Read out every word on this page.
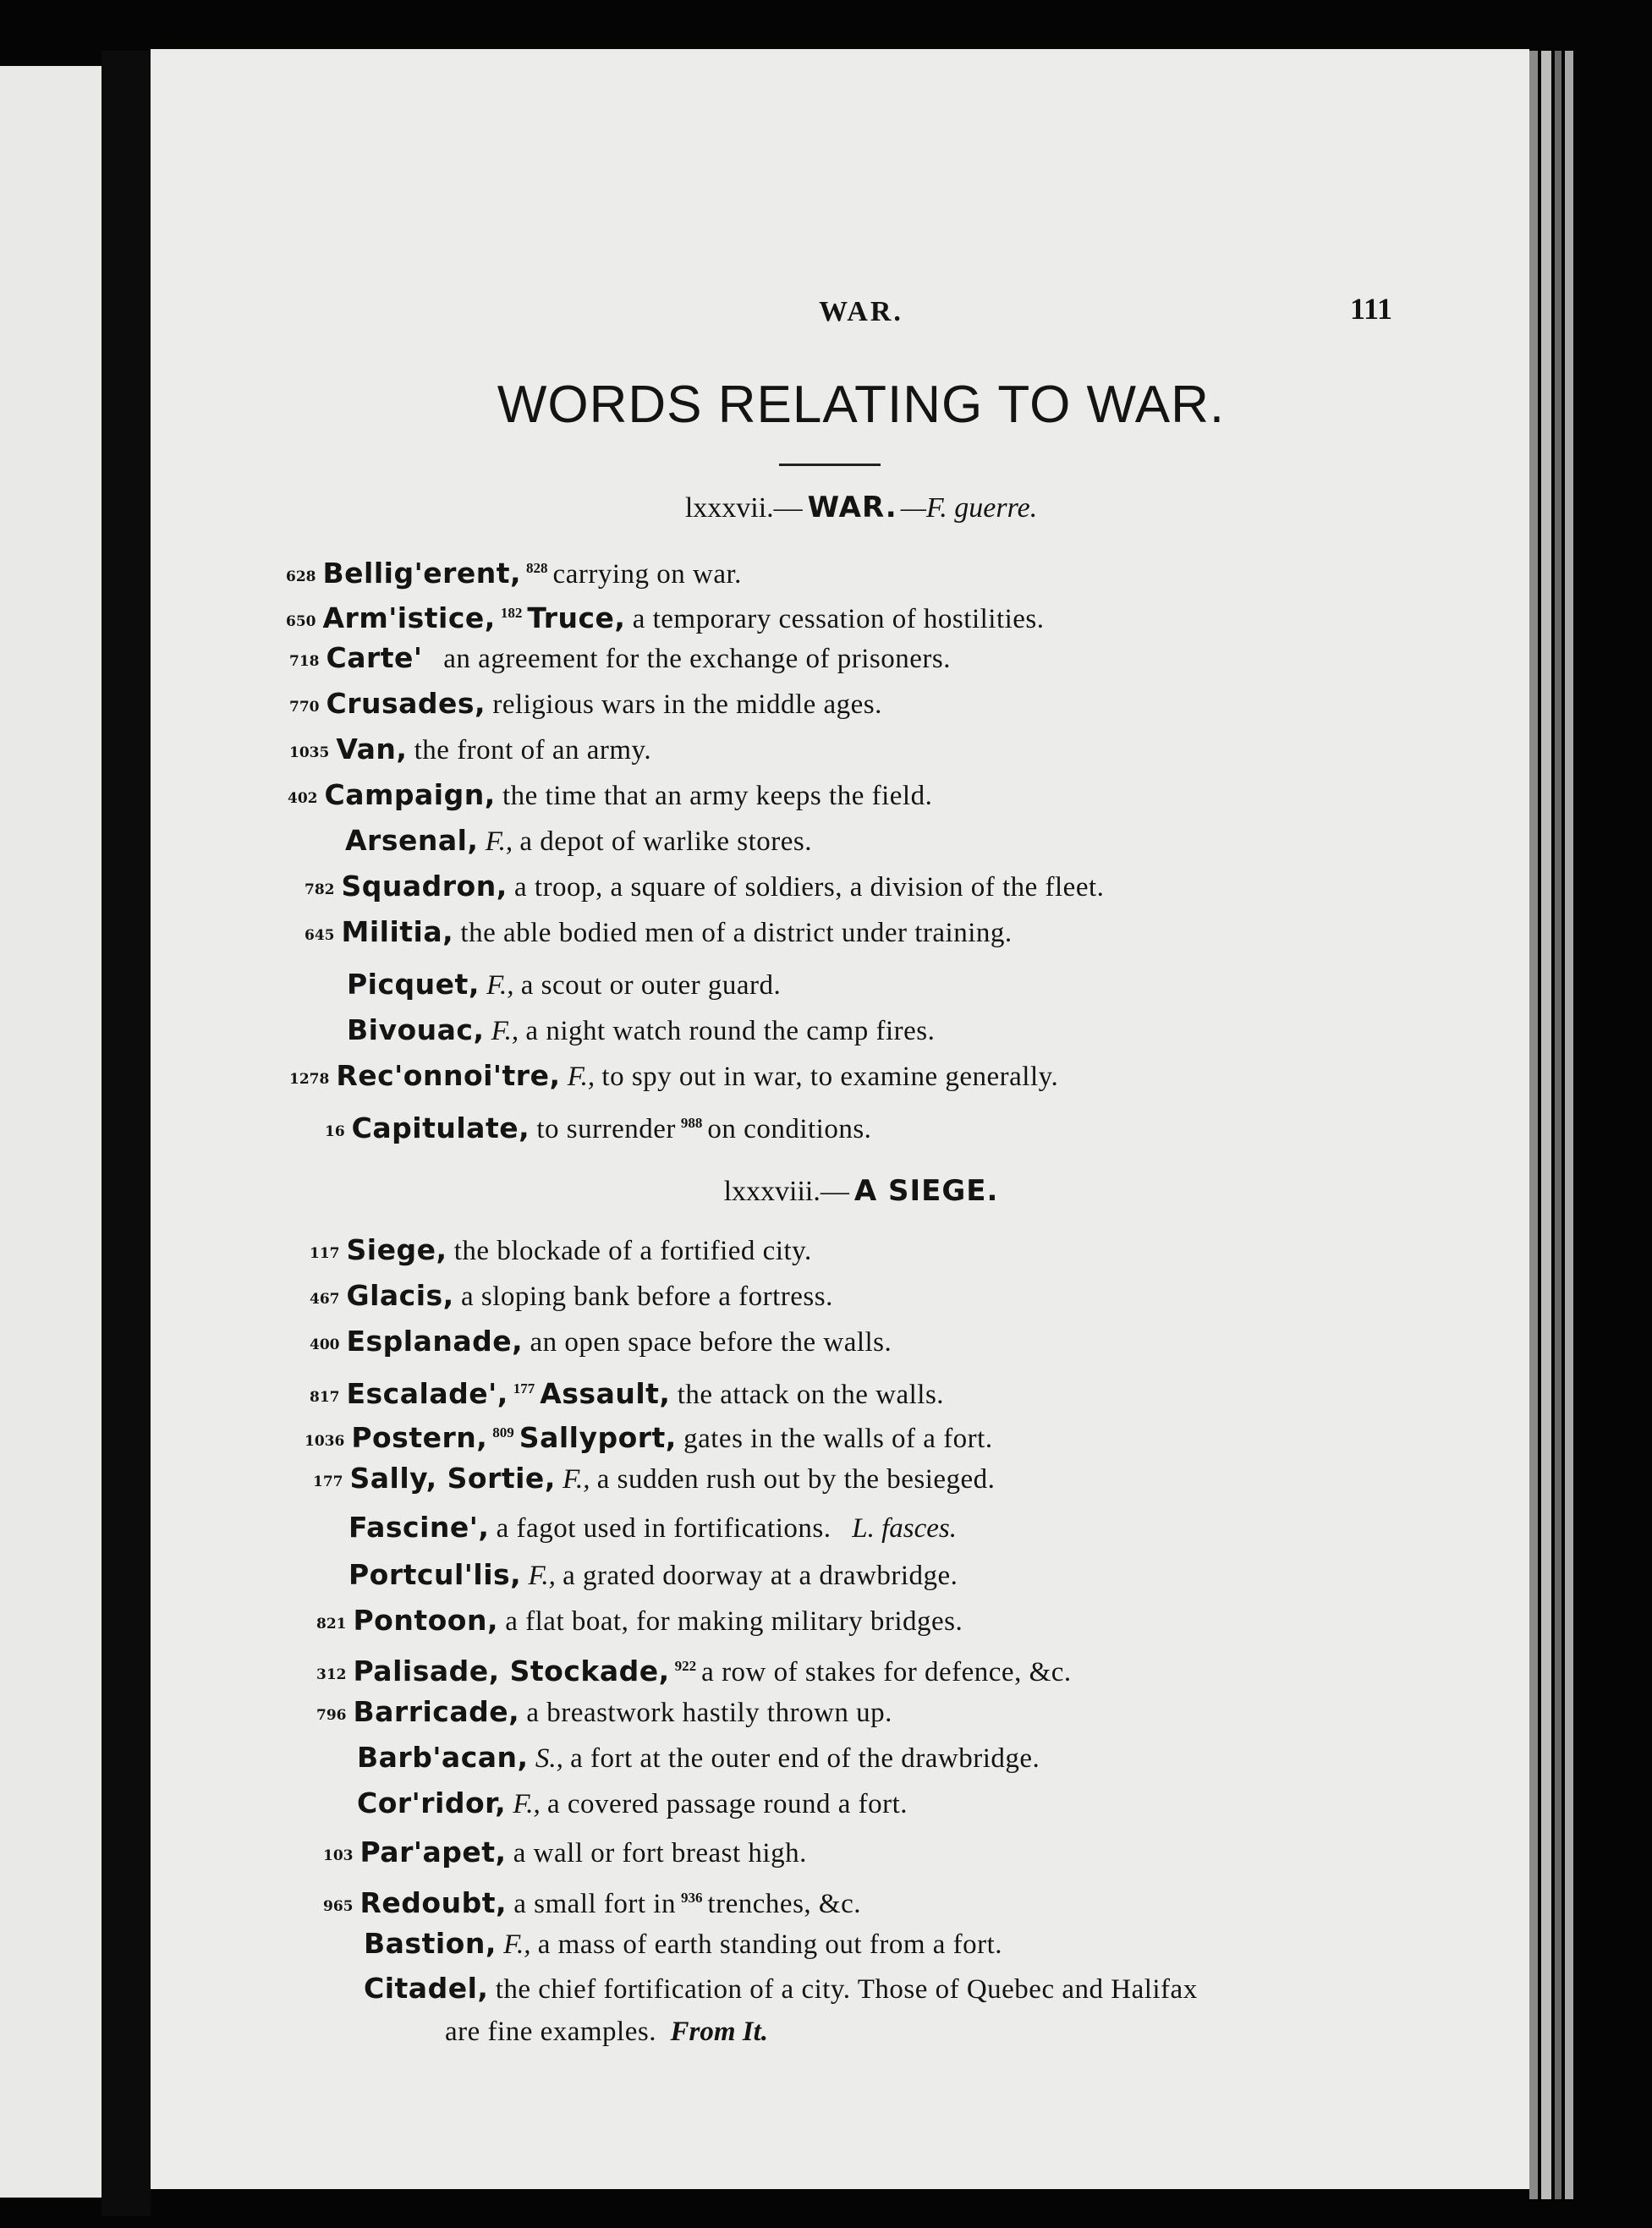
WAR.	111
WORDS RELATING TO WAR.
lxxxvii.— WAR. —F. guerre.
628 Bellig'erent, $^{828}$ carrying on war.
650 Arm'istice, $^{182}$ Truce, a temporary cessation of hostilities.
718 Carte' an agreement for the exchange of prisoners.
770 Crusades, religious wars in the middle ages.
1035 Van, the front of an army.
402 Campaign, the time that an army keeps the field.
Arsenal, F., a depot of warlike stores.
782 Squadron, a troop, a square of soldiers, a division of the fleet.
645 Militia, the able bodied men of a district under training.
Picquet, F., a scout or outer guard.
Bivouac, F., a night watch round the camp fires.
1278 Rec'onnoi'tre, F., to spy out in war, to examine generally.
16 Capitulate, to surrender $^{988}$ on conditions.
lxxxviii.— A SIEGE.
117 Siege, the blockade of a fortified city.
467 Glacis, a sloping bank before a fortress.
400 Esplanade, an open space before the walls.
817 Escalade', $^{177}$ Assault, the attack on the walls.
1036 Postern, $^{809}$ Sallyport, gates in the walls of a fort.
177 Sally, Sortie, F., a sudden rush out by the besieged.
Fascine', a fagot used in fortifications. L. fasces.
Portcul'lis, F., a grated doorway at a drawbridge.
821 Pontoon, a flat boat, for making military bridges.
312 Palisade, Stockade, $^{922}$ a row of stakes for defence, &c.
796 Barricade, a breastwork hastily thrown up.
Barb'acan, S., a fort at the outer end of the drawbridge.
Cor'ridor, F., a covered passage round a fort.
103 Par'apet, a wall or fort breast high.
965 Redoubt, a small fort in $^{936}$ trenches, &c.
Bastion, F., a mass of earth standing out from a fort.
Citadel, the chief fortification of a city. Those of Quebec and Halifax
are fine examples. From It.
